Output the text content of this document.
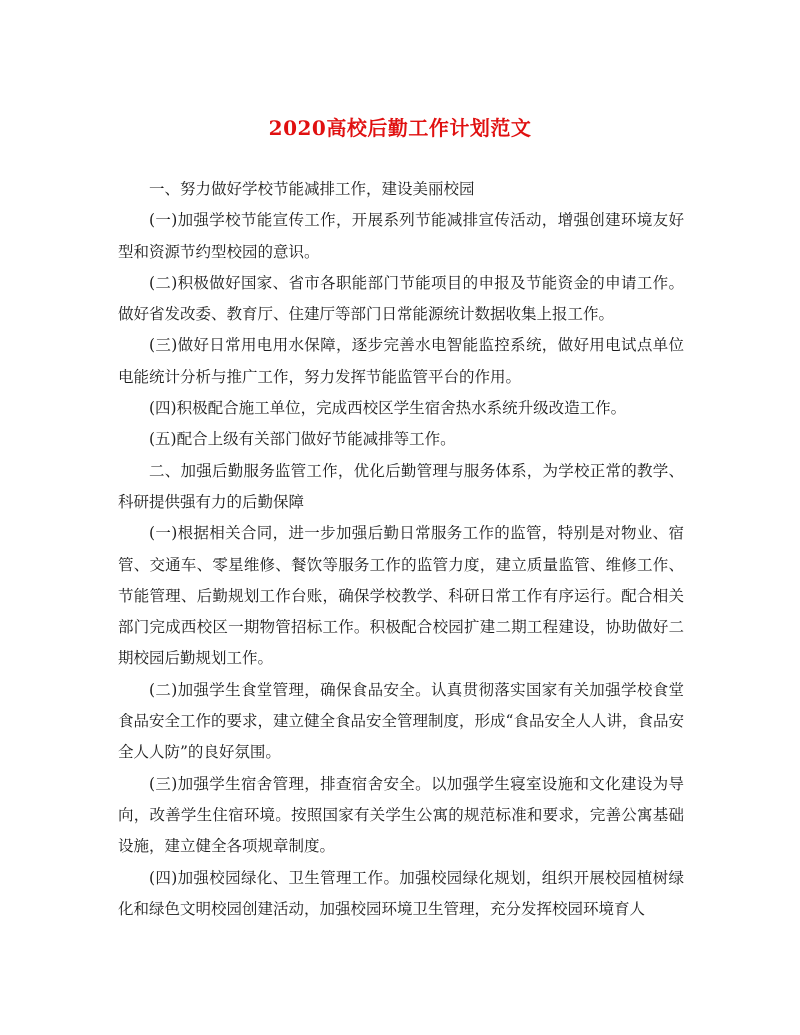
2020高校后勤工作计划范文

一、努力做好学校节能减排工作，建设美丽校园

(一)加强学校节能宣传工作，开展系列节能减排宣传活动，增强创建环境友好型和资源节约型校园的意识。

(二)积极做好国家、省市各职能部门节能项目的申报及节能资金的申请工作。做好省发改委、教育厅、住建厅等部门日常能源统计数据收集上报工作。

(三)做好日常用电用水保障，逐步完善水电智能监控系统，做好用电试点单位电能统计分析与推广工作，努力发挥节能监管平台的作用。

(四)积极配合施工单位，完成西校区学生宿舍热水系统升级改造工作。

(五)配合上级有关部门做好节能减排等工作。

二、加强后勤服务监管工作，优化后勤管理与服务体系，为学校正常的教学、科研提供强有力的后勤保障

(一)根据相关合同，进一步加强后勤日常服务工作的监管，特别是对物业、宿管、交通车、零星维修、餐饮等服务工作的监管力度，建立质量监管、维修工作、节能管理、后勤规划工作台账，确保学校教学、科研日常工作有序运行。配合相关部门完成西校区一期物管招标工作。积极配合校园扩建二期工程建设，协助做好二期校园后勤规划工作。

(二)加强学生食堂管理，确保食品安全。认真贯彻落实国家有关加强学校食堂食品安全工作的要求，建立健全食品安全管理制度，形成“食品安全人人讲，食品安全人人防”的良好氛围。

(三)加强学生宿舍管理，排查宿舍安全。以加强学生寝室设施和文化建设为导向，改善学生住宿环境。按照国家有关学生公寓的规范标准和要求，完善公寓基础设施，建立健全各项规章制度。

(四)加强校园绿化、卫生管理工作。加强校园绿化规划，组织开展校园植树绿化和绿色文明校园创建活动，加强校园环境卫生管理，充分发挥校园环境育人
